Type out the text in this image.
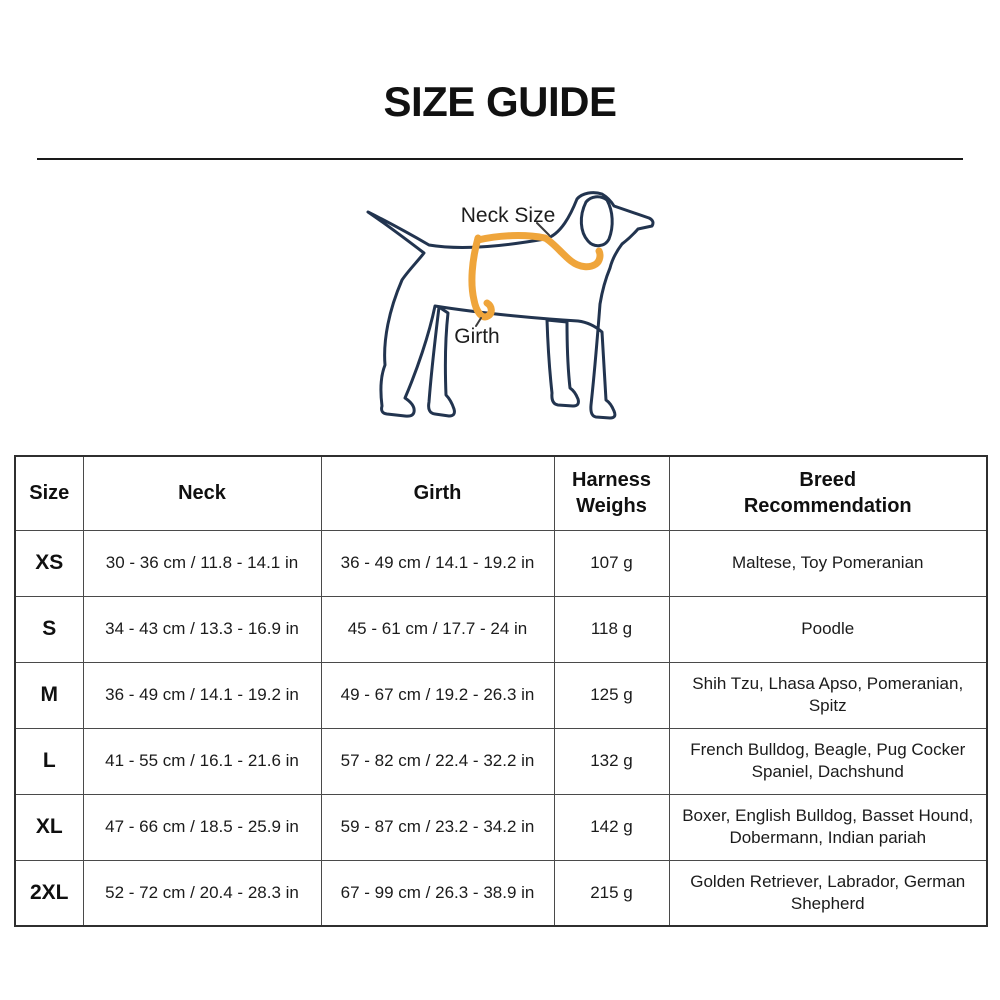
SIZE GUIDE
Neck Size
Girth
Size	Neck	Girth	Harness Weighs	Breed Recommendation

XS	30 - 36 cm / 11.8 - 14.1 in	36 - 49 cm / 14.1 - 19.2 in	107 g	Maltese, Toy Pomeranian
S	34 - 43 cm / 13.3 - 16.9 in	45 - 61 cm / 17.7 - 24 in	118 g	Poodle
M	36 - 49 cm / 14.1 - 19.2 in	49 - 67 cm / 19.2 - 26.3 in	125 g	Shih Tzu, Lhasa Apso, Pomeranian, Spitz
L	41 - 55 cm / 16.1 - 21.6 in	57 - 82 cm / 22.4 - 32.2 in	132 g	French Bulldog, Beagle, Pug Cocker Spaniel, Dachshund
XL	47 - 66 cm / 18.5 - 25.9 in	59 - 87 cm / 23.2 - 34.2 in	142 g	Boxer, English Bulldog, Basset Hound, Dobermann, Indian pariah
2XL	52 - 72 cm / 20.4 - 28.3 in	67 - 99 cm / 26.3 - 38.9 in	215 g	Golden Retriever, Labrador, German Shepherd
